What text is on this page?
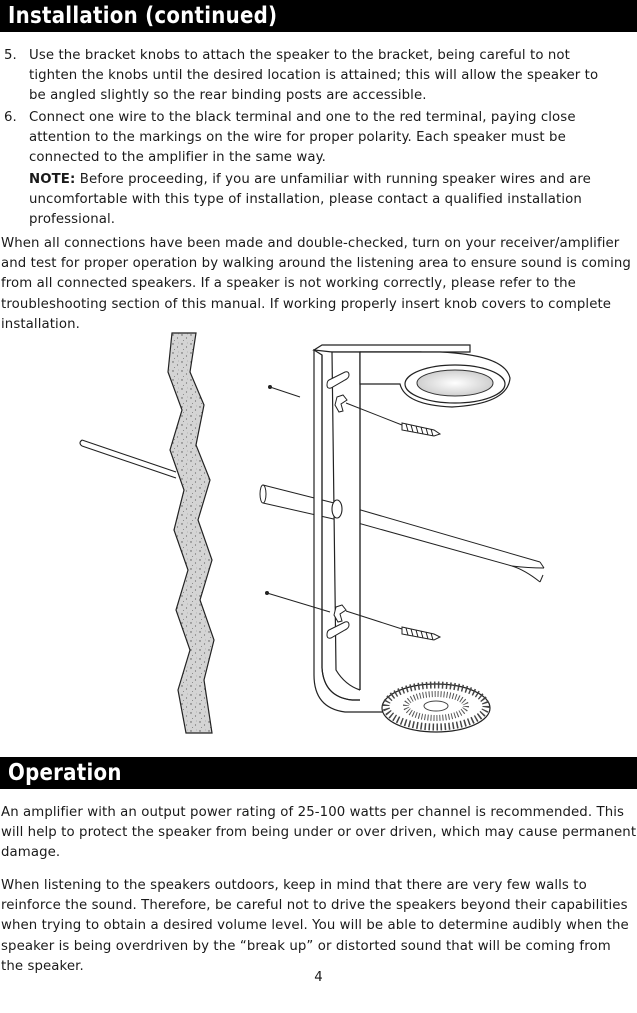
Installation (continued)
5. Use the bracket knobs to attach the speaker to the bracket, being careful to not tighten the knobs until the desired location is attained; this will allow the speaker to be angled slightly so the rear binding posts are accessible.
6. Connect one wire to the black terminal and one to the red terminal, paying close attention to the markings on the wire for proper polarity. Each speaker must be connected to the amplifier in the same way.
NOTE: Before proceeding, if you are unfamiliar with running speaker wires and are uncomfortable with this type of installation, please contact a qualified installation professional.
When all connections have been made and double-checked, turn on your receiver/amplifier and test for proper operation by walking around the listening area to ensure sound is coming from all connected speakers. If a speaker is not working correctly, please refer to the troubleshooting section of this manual. If working properly insert knob covers to complete installation.
Operation
An amplifier with an output power rating of 25-100 watts per channel is recommended. This will help to protect the speaker from being under or over driven, which may cause permanent damage.
When listening to the speakers outdoors, keep in mind that there are very few walls to reinforce the sound. Therefore, be careful not to drive the speakers beyond their capabilities when trying to obtain a desired volume level. You will be able to determine audibly when the speaker is being overdriven by the “break up” or distorted sound that will be coming from the speaker.
4
